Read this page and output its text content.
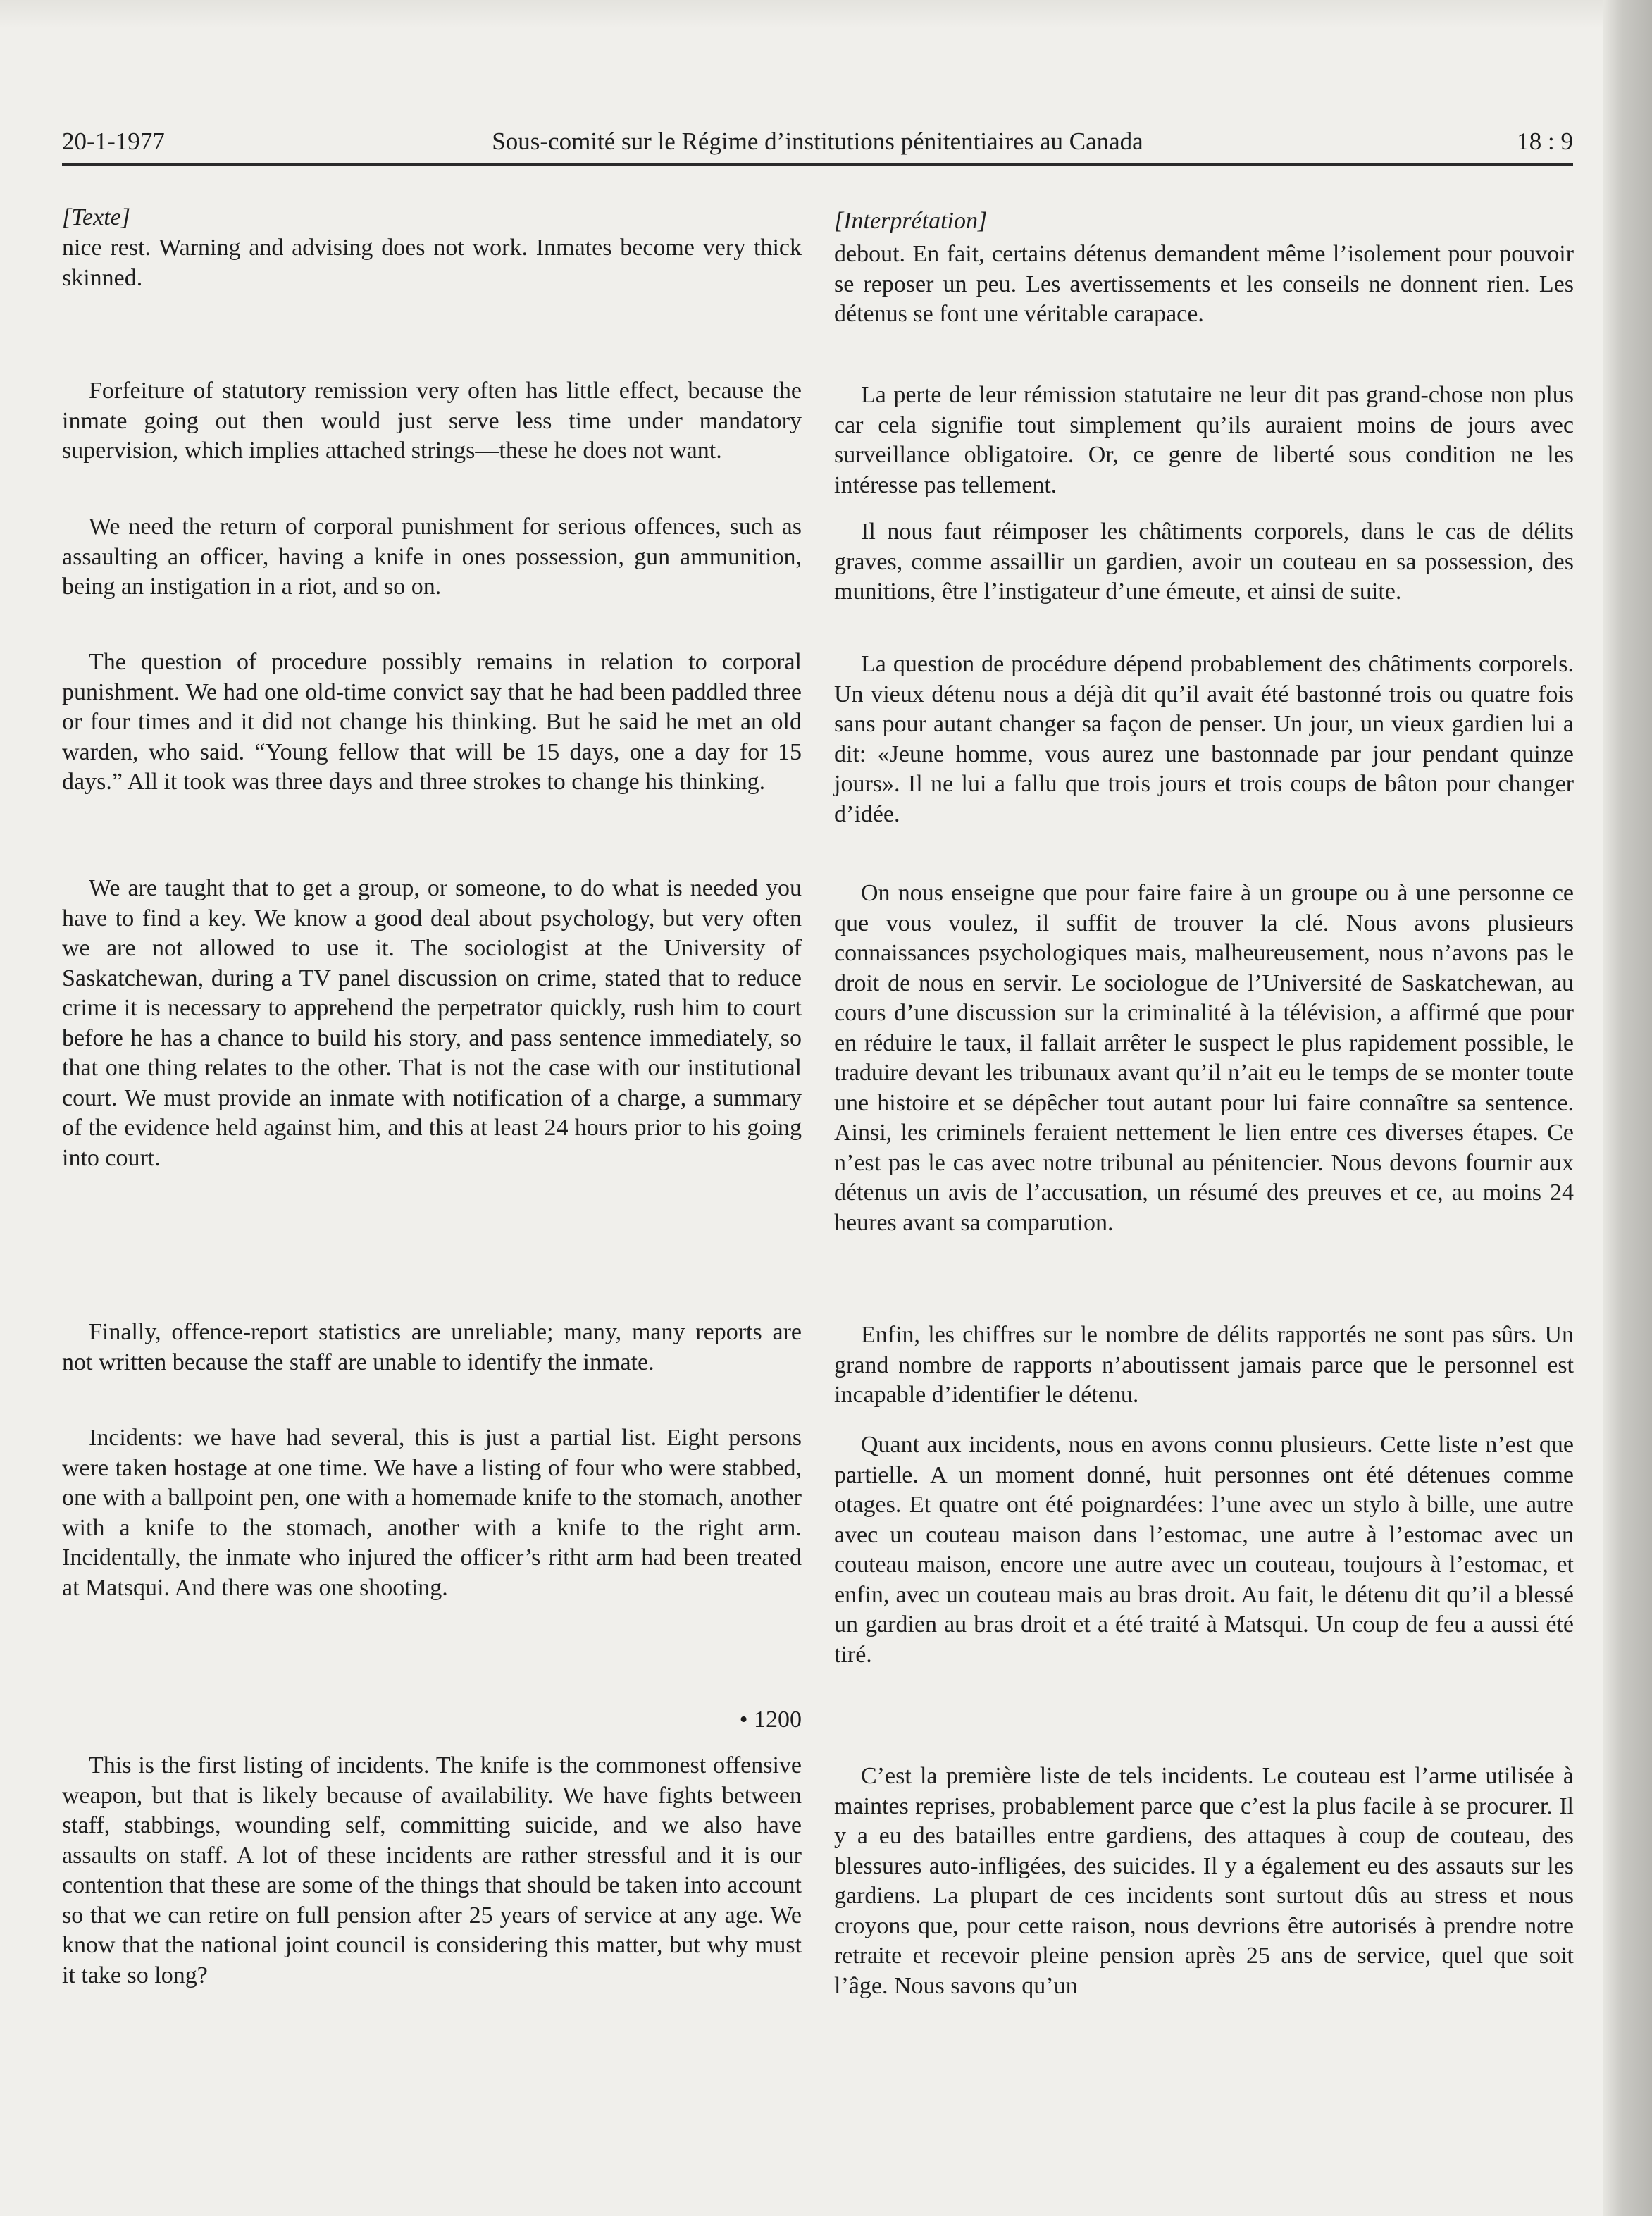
20-1-1977	Sous-comité sur le Régime d’institutions pénitentiaires au Canada	18 : 9

[Texte]

nice rest. Warning and advising does not work. Inmates become very thick skinned.

Forfeiture of statutory remission very often has little effect, because the inmate going out then would just serve less time under mandatory supervision, which implies attached strings—these he does not want.

We need the return of corporal punishment for serious offences, such as assaulting an officer, having a knife in ones possession, gun ammunition, being an instigation in a riot, and so on.

The question of procedure possibly remains in relation to corporal punishment. We had one old-time convict say that he had been paddled three or four times and it did not change his thinking. But he said he met an old warden, who said. “Young fellow that will be 15 days, one a day for 15 days.” All it took was three days and three strokes to change his thinking.

We are taught that to get a group, or someone, to do what is needed you have to find a key. We know a good deal about psychology, but very often we are not allowed to use it. The sociologist at the University of Saskatchewan, during a TV panel discussion on crime, stated that to reduce crime it is necessary to apprehend the perpetrator quickly, rush him to court before he has a chance to build his story, and pass sentence immediately, so that one thing relates to the other. That is not the case with our institutional court. We must provide an inmate with notification of a charge, a summary of the evidence held against him, and this at least 24 hours prior to his going into court.

Finally, offence-report statistics are unreliable; many, many reports are not written because the staff are unable to identify the inmate.

Incidents: we have had several, this is just a partial list. Eight persons were taken hostage at one time. We have a listing of four who were stabbed, one with a ballpoint pen, one with a homemade knife to the stomach, another with a knife to the stomach, another with a knife to the right arm. Incidentally, the inmate who injured the officer’s ritht arm had been treated at Matsqui. And there was one shooting.

• 1200

This is the first listing of incidents. The knife is the commonest offensive weapon, but that is likely because of availability. We have fights between staff, stabbings, wounding self, committing suicide, and we also have assaults on staff. A lot of these incidents are rather stressful and it is our contention that these are some of the things that should be taken into account so that we can retire on full pension after 25 years of service at any age. We know that the national joint council is considering this matter, but why must it take so long?

[Interprétation]

debout. En fait, certains détenus demandent même l’isolement pour pouvoir se reposer un peu. Les avertissements et les conseils ne donnent rien. Les détenus se font une véritable carapace.

La perte de leur rémission statutaire ne leur dit pas grand-chose non plus car cela signifie tout simplement qu’ils auraient moins de jours avec surveillance obligatoire. Or, ce genre de liberté sous condition ne les intéresse pas tellement.

Il nous faut réimposer les châtiments corporels, dans le cas de délits graves, comme assaillir un gardien, avoir un couteau en sa possession, des munitions, être l’instigateur d’une émeute, et ainsi de suite.

La question de procédure dépend probablement des châtiments corporels. Un vieux détenu nous a déjà dit qu’il avait été bastonné trois ou quatre fois sans pour autant changer sa façon de penser. Un jour, un vieux gardien lui a dit: «Jeune homme, vous aurez une bastonnade par jour pendant quinze jours». Il ne lui a fallu que trois jours et trois coups de bâton pour changer d’idée.

On nous enseigne que pour faire faire à un groupe ou à une personne ce que vous voulez, il suffit de trouver la clé. Nous avons plusieurs connaissances psychologiques mais, malheureusement, nous n’avons pas le droit de nous en servir. Le sociologue de l’Université de Saskatchewan, au cours d’une discussion sur la criminalité à la télévision, a affirmé que pour en réduire le taux, il fallait arrêter le suspect le plus rapidement possible, le traduire devant les tribunaux avant qu’il n’ait eu le temps de se monter toute une histoire et se dépêcher tout autant pour lui faire connaître sa sentence. Ainsi, les criminels feraient nettement le lien entre ces diverses étapes. Ce n’est pas le cas avec notre tribunal au pénitencier. Nous devons fournir aux détenus un avis de l’accusation, un résumé des preuves et ce, au moins 24 heures avant sa comparution.

Enfin, les chiffres sur le nombre de délits rapportés ne sont pas sûrs. Un grand nombre de rapports n’aboutissent jamais parce que le personnel est incapable d’identifier le détenu.

Quant aux incidents, nous en avons connu plusieurs. Cette liste n’est que partielle. A un moment donné, huit personnes ont été détenues comme otages. Et quatre ont été poignardées: l’une avec un stylo à bille, une autre avec un couteau maison dans l’estomac, une autre à l’estomac avec un couteau maison, encore une autre avec un couteau, toujours à l’estomac, et enfin, avec un couteau mais au bras droit. Au fait, le détenu dit qu’il a blessé un gardien au bras droit et a été traité à Matsqui. Un coup de feu a aussi été tiré.

C’est la première liste de tels incidents. Le couteau est l’arme utilisée à maintes reprises, probablement parce que c’est la plus facile à se procurer. Il y a eu des batailles entre gardiens, des attaques à coup de couteau, des blessures auto-infligées, des suicides. Il y a également eu des assauts sur les gardiens. La plupart de ces incidents sont surtout dûs au stress et nous croyons que, pour cette raison, nous devrions être autorisés à prendre notre retraite et recevoir pleine pension après 25 ans de service, quel que soit l’âge. Nous savons qu’un
